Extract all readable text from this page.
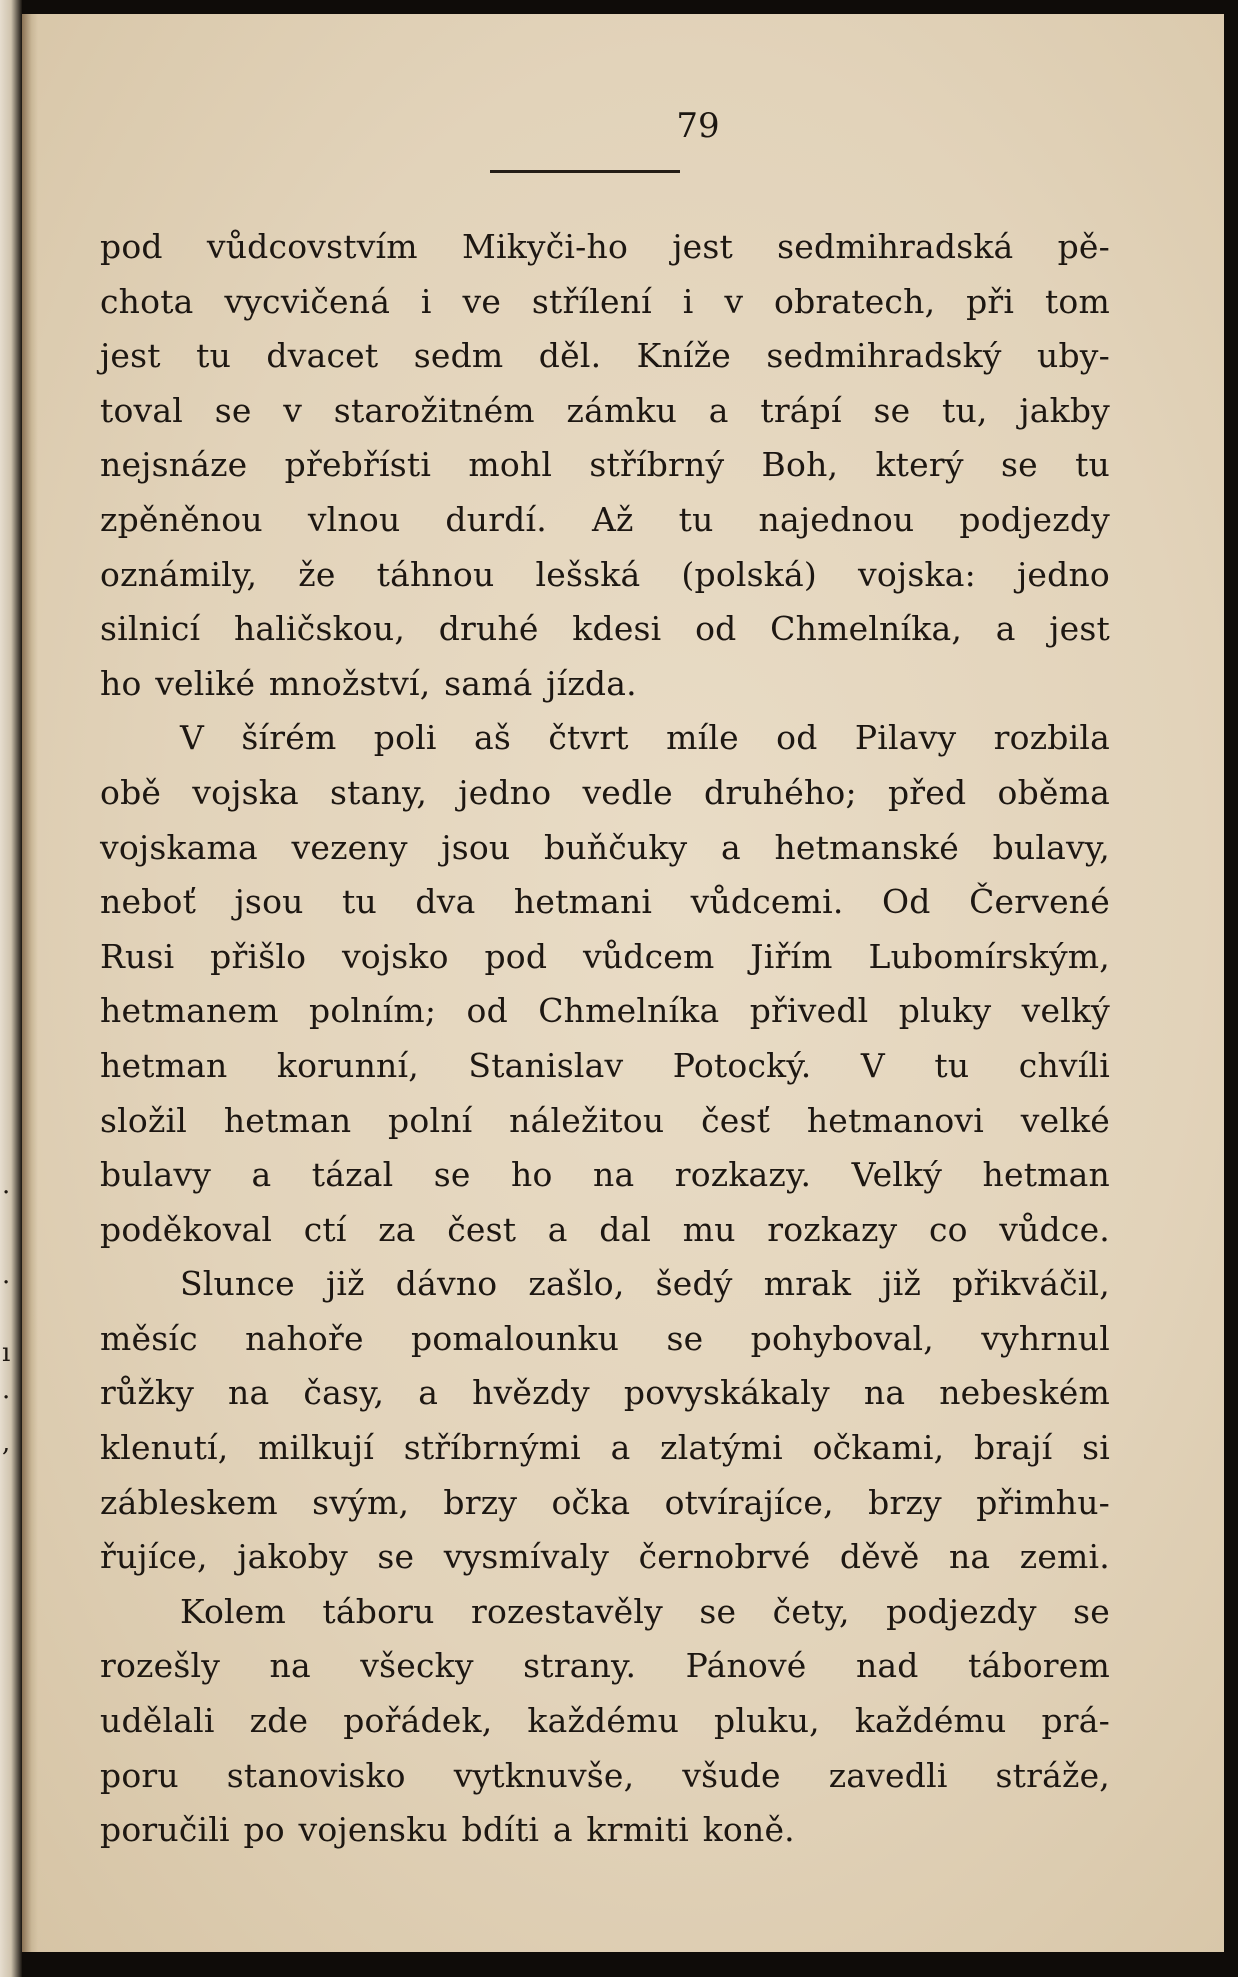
·
·
ı
·
,
79
pod vůdcovstvím Mikyči-ho jest sedmihradská pě-
chota vycvičená i ve střílení i v obratech, při tom
jest tu dvacet sedm děl. Kníže sedmihradský uby-
toval se v starožitném zámku a trápí se tu, jakby
nejsnáze přebřísti mohl stříbrný Boh, který se tu
zpěněnou vlnou durdí. Až tu najednou podjezdy
oznámily, že táhnou lešská (polská) vojska: jedno
silnicí haličskou, druhé kdesi od Chmelníka, a jest
ho veliké množství, samá jízda.
V šírém poli aš čtvrt míle od Pilavy rozbila
obě vojska stany, jedno vedle druhého; před oběma
vojskama vezeny jsou buňčuky a hetmanské bulavy,
neboť jsou tu dva hetmani vůdcemi. Od Červené
Rusi přišlo vojsko pod vůdcem Jiřím Lubomírským,
hetmanem polním; od Chmelníka přivedl pluky velký
hetman korunní, Stanislav Potocký. V tu chvíli
složil hetman polní náležitou česť hetmanovi velké
bulavy a tázal se ho na rozkazy. Velký hetman
poděkoval ctí za čest a dal mu rozkazy co vůdce.
Slunce již dávno zašlo, šedý mrak již přikváčil,
měsíc nahoře pomalounku se pohyboval, vyhrnul
růžky na časy, a hvězdy povyskákaly na nebeském
klenutí, milkují stříbrnými a zlatými očkami, brají si
zábleskem svým, brzy očka otvírajíce, brzy přimhu-
řujíce, jakoby se vysmívaly černobrvé děvě na zemi.
Kolem táboru rozestavěly se čety, podjezdy se
rozešly na všecky strany. Pánové nad táborem
udělali zde pořádek, každému pluku, každému prá-
poru stanovisko vytknuvše, všude zavedli stráže,
poručili po vojensku bdíti a krmiti koně.
